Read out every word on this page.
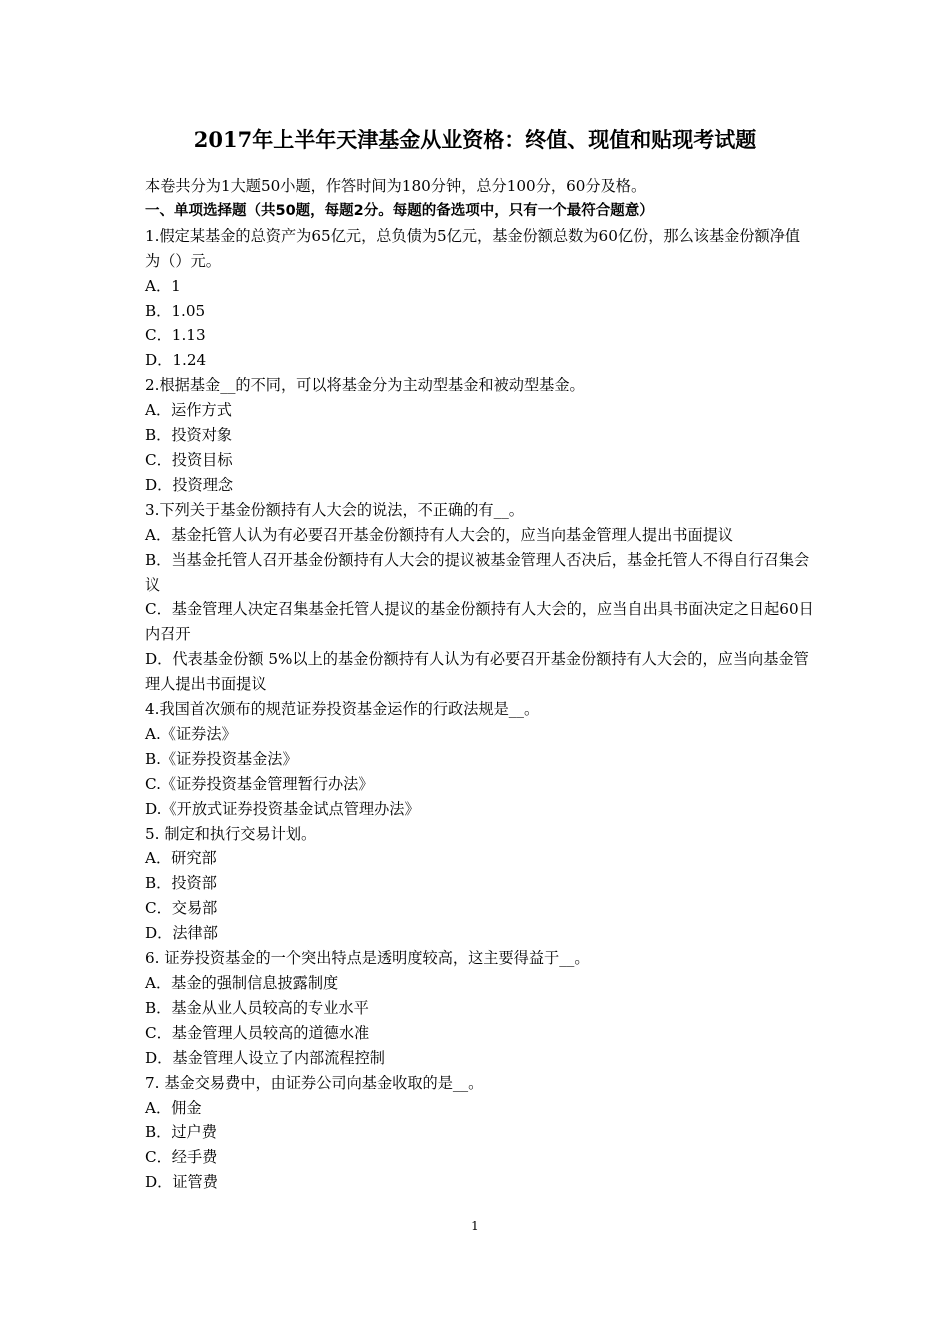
2017年上半年天津基金从业资格：终值、现值和贴现考试题

本卷共分为1大题50小题，作答时间为180分钟，总分100分，60分及格。

一、单项选择题（共50题，每题2分。每题的备选项中，只有一个最符合题意）

1.假定某基金的总资产为65亿元，总负债为5亿元，基金份额总数为60亿份，那么该基金份额净值为（）元。

A．1

B．1.05

C．1.13

D．1.24

2.根据基金__的不同，可以将基金分为主动型基金和被动型基金。

A．运作方式

B．投资对象

C．投资目标

D．投资理念

3.下列关于基金份额持有人大会的说法，不正确的有__。

A．基金托管人认为有必要召开基金份额持有人大会的，应当向基金管理人提出书面提议

B．当基金托管人召开基金份额持有人大会的提议被基金管理人否决后，基金托管人不得自行召集会议

C．基金管理人决定召集基金托管人提议的基金份额持有人大会的，应当自出具书面决定之日起60日内召开

D．代表基金份额 5%以上的基金份额持有人认为有必要召开基金份额持有人大会的，应当向基金管理人提出书面提议

4.我国首次颁布的规范证券投资基金运作的行政法规是__。

A.《证券法》

B.《证券投资基金法》

C.《证券投资基金管理暂行办法》

D.《开放式证券投资基金试点管理办法》

5. 制定和执行交易计划。

A．研究部

B．投资部

C．交易部

D．法律部

6. 证券投资基金的一个突出特点是透明度较高，这主要得益于__。

A．基金的强制信息披露制度

B．基金从业人员较高的专业水平

C．基金管理人员较高的道德水准

D．基金管理人设立了内部流程控制

7. 基金交易费中，由证券公司向基金收取的是__。

A．佣金

B．过户费

C．经手费

D．证管费

1
